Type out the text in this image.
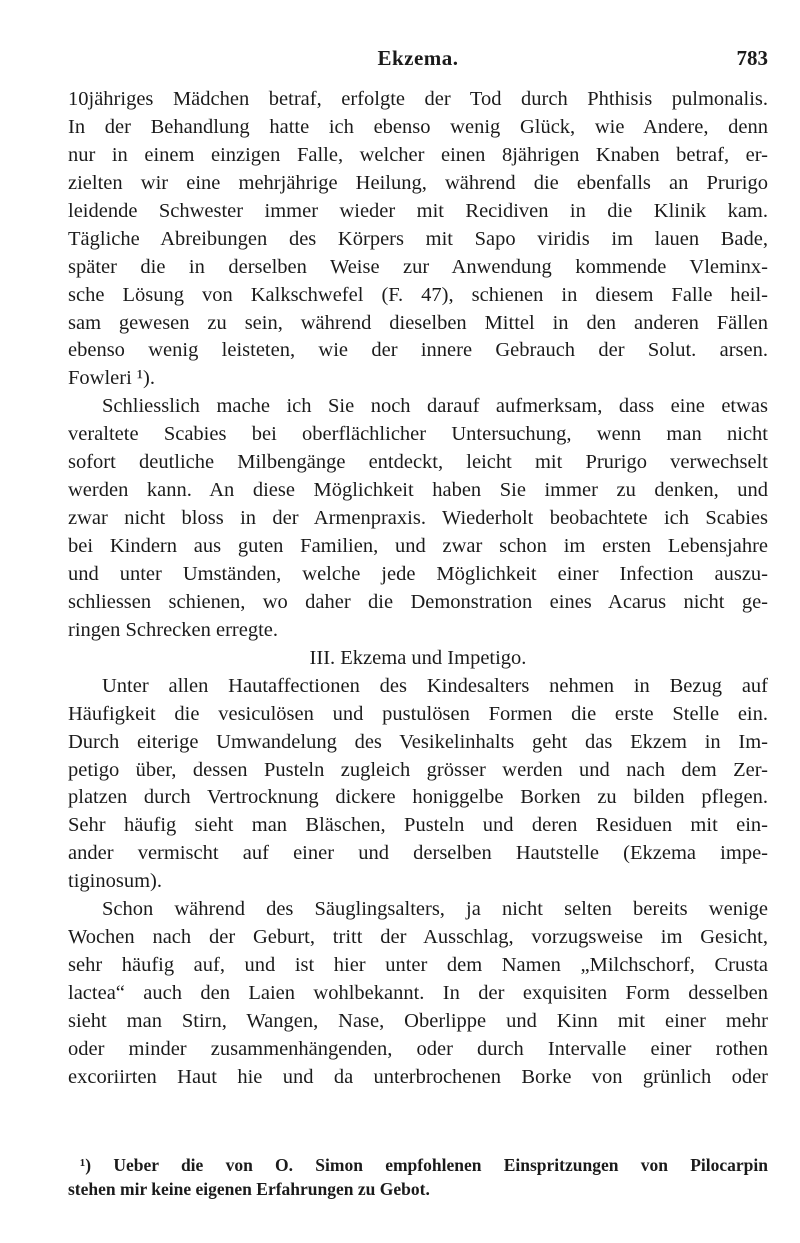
Ekzema.	783
10jähriges Mädchen betraf, erfolgte der Tod durch Phthisis pulmonalis.
In der Behandlung hatte ich ebenso wenig Glück, wie Andere, denn
nur in einem einzigen Falle, welcher einen 8jährigen Knaben betraf, er-
zielten wir eine mehrjährige Heilung, während die ebenfalls an Prurigo
leidende Schwester immer wieder mit Recidiven in die Klinik kam.
Tägliche Abreibungen des Körpers mit Sapo viridis im lauen Bade,
später die in derselben Weise zur Anwendung kommende Vleminx-
sche Lösung von Kalkschwefel (F. 47), schienen in diesem Falle heil-
sam gewesen zu sein, während dieselben Mittel in den anderen Fällen
ebenso wenig leisteten, wie der innere Gebrauch der Solut. arsen.
Fowleri ¹).
Schliesslich mache ich Sie noch darauf aufmerksam, dass eine etwas
veraltete Scabies bei oberflächlicher Untersuchung, wenn man nicht
sofort deutliche Milbengänge entdeckt, leicht mit Prurigo verwechselt
werden kann. An diese Möglichkeit haben Sie immer zu denken, und
zwar nicht bloss in der Armenpraxis. Wiederholt beobachtete ich Scabies
bei Kindern aus guten Familien, und zwar schon im ersten Lebensjahre
und unter Umständen, welche jede Möglichkeit einer Infection auszu-
schliessen schienen, wo daher die Demonstration eines Acarus nicht ge-
ringen Schrecken erregte.
III. Ekzema und Impetigo.
Unter allen Hautaffectionen des Kindesalters nehmen in Bezug auf
Häufigkeit die vesiculösen und pustulösen Formen die erste Stelle ein.
Durch eiterige Umwandelung des Vesikelinhalts geht das Ekzem in Im-
petigo über, dessen Pusteln zugleich grösser werden und nach dem Zer-
platzen durch Vertrocknung dickere honiggelbe Borken zu bilden pflegen.
Sehr häufig sieht man Bläschen, Pusteln und deren Residuen mit ein-
ander vermischt auf einer und derselben Hautstelle (Ekzema impe-
tiginosum).
Schon während des Säuglingsalters, ja nicht selten bereits wenige
Wochen nach der Geburt, tritt der Ausschlag, vorzugsweise im Gesicht,
sehr häufig auf, und ist hier unter dem Namen „Milchschorf, Crusta
lactea“ auch den Laien wohlbekannt. In der exquisiten Form desselben
sieht man Stirn, Wangen, Nase, Oberlippe und Kinn mit einer mehr
oder minder zusammenhängenden, oder durch Intervalle einer rothen
excoriirten Haut hie und da unterbrochenen Borke von grünlich oder
¹) Ueber die von O. Simon empfohlenen Einspritzungen von Pilocarpin
stehen mir keine eigenen Erfahrungen zu Gebot.
